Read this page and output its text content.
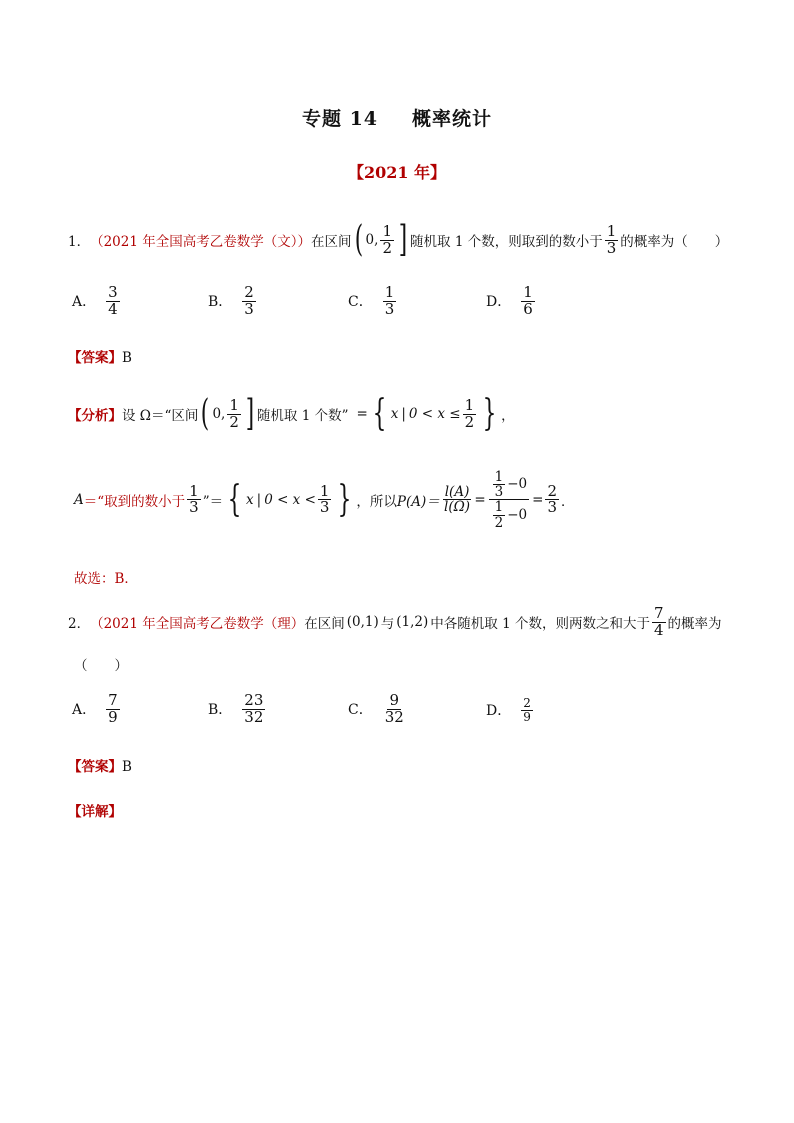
专题 14 概率统计
【2021 年】
1． （2021 年全国高考乙卷数学（文）） 在区间 ( 0, $\frac{1}{2}$ ] 随机取 1 个数，则取到的数小于 $\frac{1}{3}$ 的概率为（　　）
A． $\frac{3}{4}$	B． $\frac{2}{3}$	C． $\frac{1}{3}$	D． $\frac{1}{6}$
【答案】B
【分析】 设 Ω＝“区间 ( 0, $\frac{1}{2}$ ] 随机取 1 个数” = { x | $0 < x \le \frac{1}{2}$ } ，
A ＝“取到的数小于 $\frac{1}{3}$ ”＝ { x | $0 < x < \frac{1}{3}$ } ，所以 $P(A)= \frac{l(A)}{l(\Omega)} = \frac{\frac{1}{3} -0}{\frac{1}{2} -0} = \frac{2}{3}$ ．
故选：B．
2． （2021 年全国高考乙卷数学（理） 在区间 (0,1) 与 (1,2) 中各随机取 1 个数，则两数之和大于 $\frac{7}{4}$ 的概率为
（　　）
A． $\frac{7}{9}$	B． $\frac{23}{32}$	C． $\frac{9}{32}$	D． $\frac{2}{9}$
【答案】B
【详解】
